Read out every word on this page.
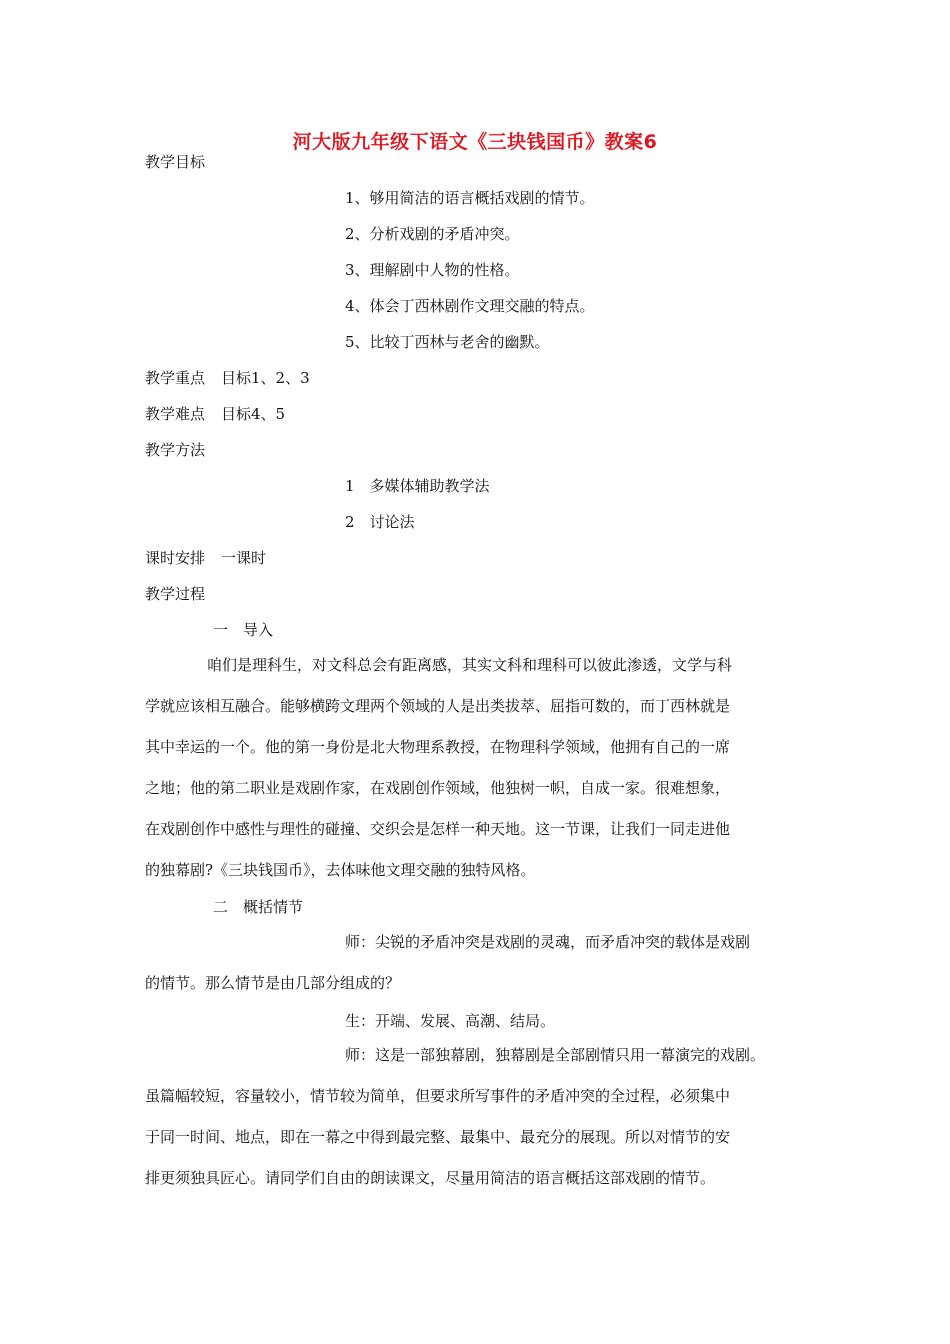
河大版九年级下语文《三块钱国币》教案6
教学目标
1、够用简洁的语言概括戏剧的情节。
2、分析戏剧的矛盾冲突。
3、理解剧中人物的性格。
4、体会丁西林剧作文理交融的特点。
5、比较丁西林与老舍的幽默。
教学重点 目标1、2、3
教学难点 目标4、5
教学方法
1　多媒体辅助教学法
2　讨论法
课时安排 一课时
教学过程
一　导入
咱们是理科生，对文科总会有距离感，其实文科和理科可以彼此渗透，文学与科
学就应该相互融合。能够横跨文理两个领域的人是出类拔萃、屈指可数的，而丁西林就是
其中幸运的一个。他的第一身份是北大物理系教授，在物理科学领域，他拥有自己的一席
之地；他的第二职业是戏剧作家，在戏剧创作领域，他独树一帜，自成一家。很难想象，
在戏剧创作中感性与理性的碰撞、交织会是怎样一种天地。这一节课，让我们一同走进他
的独幕剧?《三块钱国币》，去体味他文理交融的独特风格。
二　概括情节
师：尖锐的矛盾冲突是戏剧的灵魂，而矛盾冲突的载体是戏剧
的情节。那么情节是由几部分组成的？
生：开端、发展、高潮、结局。
师：这是一部独幕剧，独幕剧是全部剧情只用一幕演完的戏剧。
虽篇幅较短，容量较小，情节较为简单，但要求所写事件的矛盾冲突的全过程，必须集中
于同一时间、地点，即在一幕之中得到最完整、最集中、最充分的展现。所以对情节的安
排更须独具匠心。请同学们自由的朗读课文，尽量用简洁的语言概括这部戏剧的情节。
